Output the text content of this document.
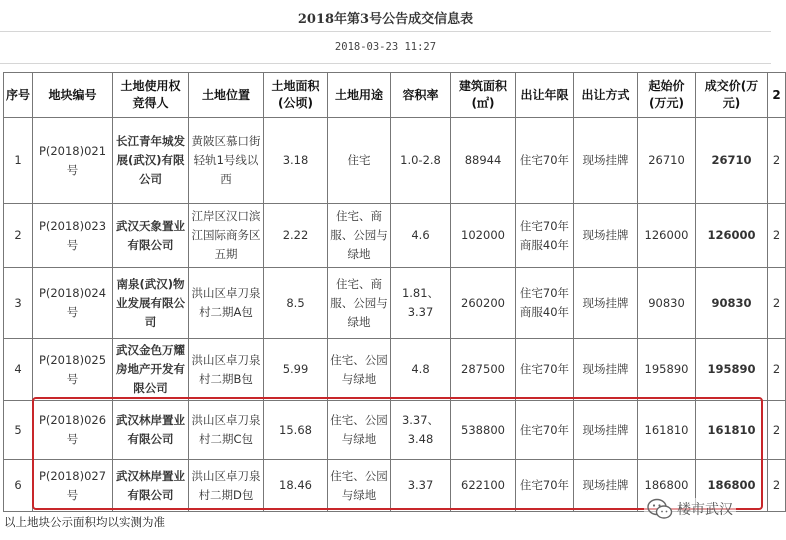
2018年第3号公告成交信息表
2018-03-23 11:27
序号	地块编号	土地使用权竞得人	土地位置	土地面积(公顷)	土地用途	容积率	建筑面积(㎡)	出让年限	出让方式	起始价(万元)	成交价(万元)	2
1	P(2018)021号	长江青年城发展(武汉)有限公司	黄陂区慕口街轻轨1号线以西	3.18	住宅	1.0-2.8	88944	住宅70年	现场挂牌	26710	26710	2
2	P(2018)023号	武汉天象置业有限公司	江岸区汉口滨江国际商务区五期	2.22	住宅、商服、公园与绿地	4.6	102000	住宅70年 商服40年	现场挂牌	126000	126000	2
3	P(2018)024号	南泉(武汉)物业发展有限公司	洪山区卓刀泉村二期A包	8.5	住宅、商服、公园与绿地	1.81、3.37	260200	住宅70年 商服40年	现场挂牌	90830	90830	2
4	P(2018)025号	武汉金色万耀房地产开发有限公司	洪山区卓刀泉村二期B包	5.99	住宅、公园与绿地	4.8	287500	住宅70年	现场挂牌	195890	195890	2
5	P(2018)026号	武汉林岸置业有限公司	洪山区卓刀泉村二期C包	15.68	住宅、公园与绿地	3.37、3.48	538800	住宅70年	现场挂牌	161810	161810	2
6	P(2018)027号	武汉林岸置业有限公司	洪山区卓刀泉村二期D包	18.46	住宅、公园与绿地	3.37	622100	住宅70年	现场挂牌	186800	186800	2
以上地块公示面积均以实测为准
楼市武汉
